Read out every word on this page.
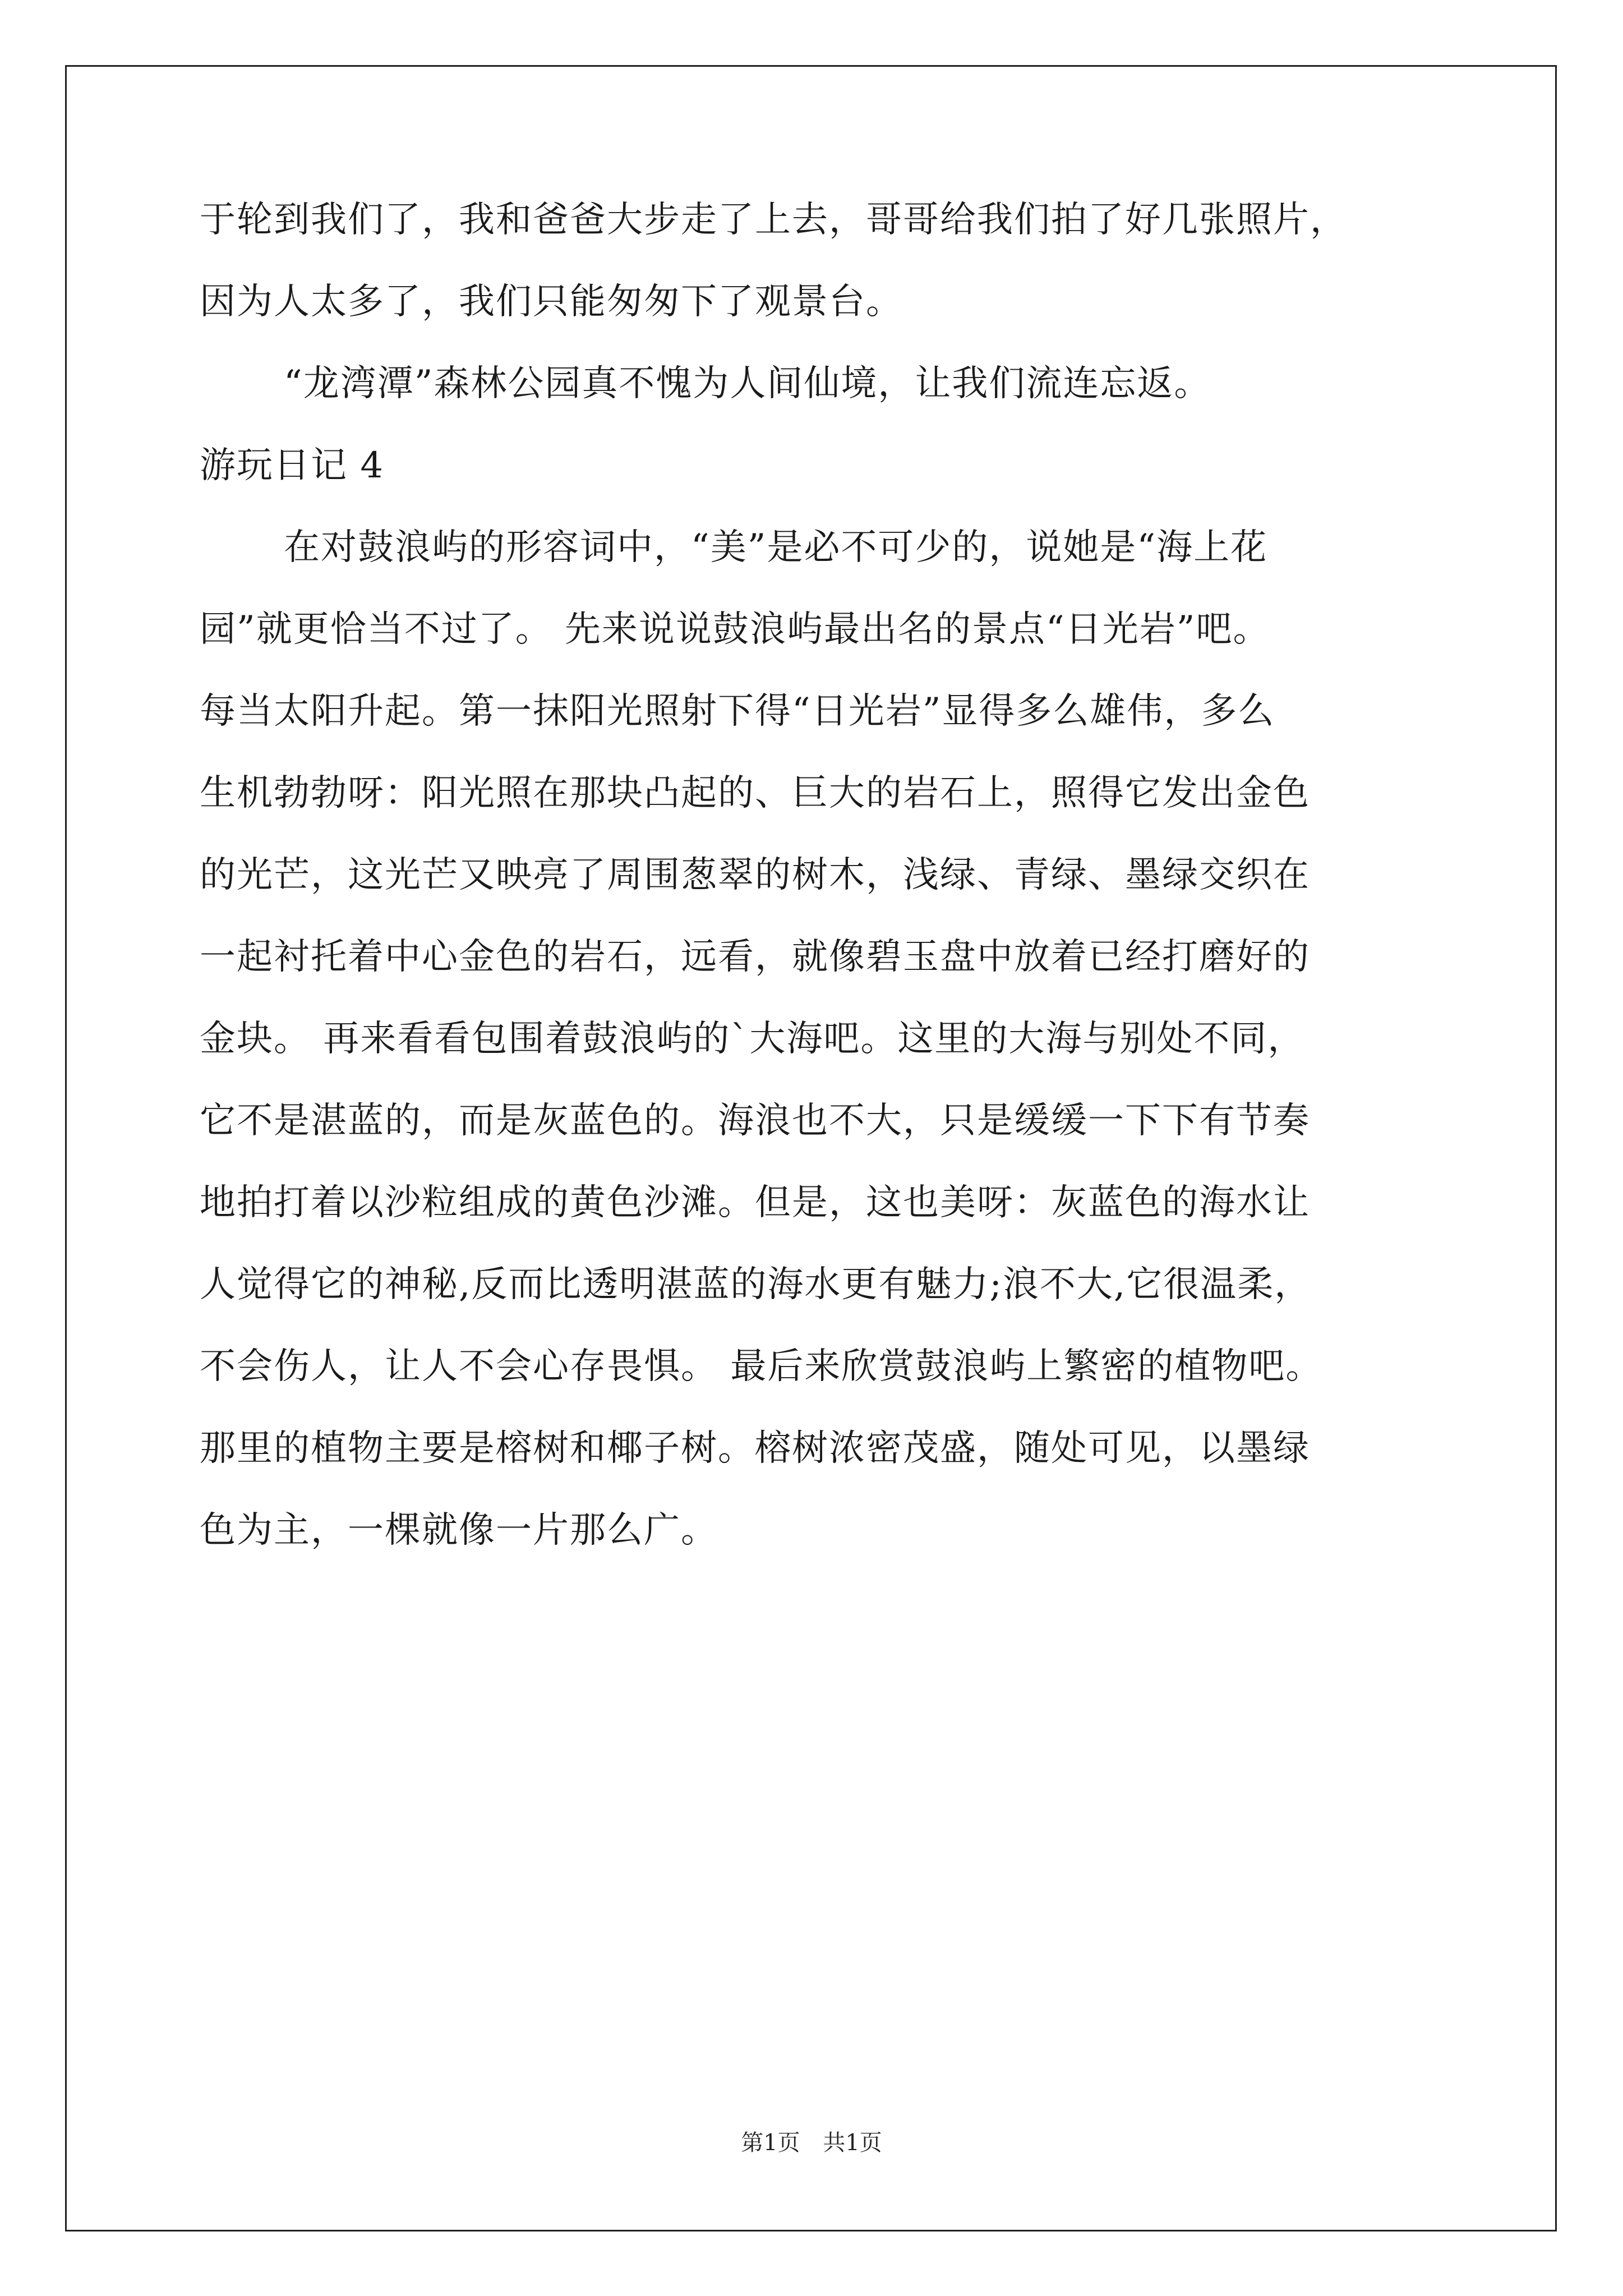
于轮到我们了，我和爸爸大步走了上去，哥哥给我们拍了好几张照片，
因为人太多了，我们只能匆匆下了观景台。
“龙湾潭”森林公园真不愧为人间仙境，让我们流连忘返。
游玩日记 4
在对鼓浪屿的形容词中，“美”是必不可少的，说她是“海上花
园”就更恰当不过了。 先来说说鼓浪屿最出名的景点“日光岩”吧。
每当太阳升起。第一抹阳光照射下得“日光岩”显得多么雄伟，多么
生机勃勃呀：阳光照在那块凸起的、巨大的岩石上，照得它发出金色
的光芒，这光芒又映亮了周围葱翠的树木，浅绿、青绿、墨绿交织在
一起衬托着中心金色的岩石，远看，就像碧玉盘中放着已经打磨好的
金块。 再来看看包围着鼓浪屿的`大海吧。这里的大海与别处不同，
它不是湛蓝的，而是灰蓝色的。海浪也不大，只是缓缓一下下有节奏
地拍打着以沙粒组成的黄色沙滩。但是，这也美呀：灰蓝色的海水让
人觉得它的神秘,反而比透明湛蓝的海水更有魅力;浪不大,它很温柔，
不会伤人，让人不会心存畏惧。 最后来欣赏鼓浪屿上繁密的植物吧。
那里的植物主要是榕树和椰子树。榕树浓密茂盛，随处可见，以墨绿
色为主，一棵就像一片那么广。
第1页 共1页
